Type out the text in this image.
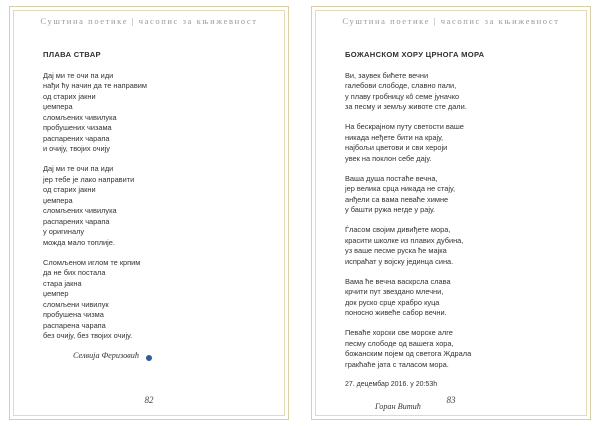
Суштина поетике | часопис за књижевност
ПЛАВА СТВАР
Дај ми те очи па иди
нађи ћу начин да те направим
од старих јакни
џемпера
сломљених чивилука
пробушених чизама
распарених чарапа
и очију, твојих очију
Дај ми те очи па иди
јер тебе је лако направити
од старих јакни
џемпера
сломљених чивилука
распарених чарапа
у оригиналу
можда мало топлије.
Сломљеном иглом те крпим
да не бих постала
стара јакна
џемпер
сломљени чивилук
пробушена чизма
распарена чарапа
без очију, без твојих очију.
Селвија Феризовић
82
Суштина поетике | часопис за књижевност
БОЖАНСКОМ ХОРУ ЦРНОГА МОРА
Ви, заувек бићете вечни
галебови слободе, славно пали,
у плаву гробницу кô семе јуначко
за песму и земљу животе сте дали.
На бескрајном путу светости ваше
никада неђете бити на крају,
најбољи цветови и сви хероји
увек на поклон себе дају.
Ваша душа постаће вечна,
јер велика срца никада не стају,
анђели са вама певаће химне
у башти ружа негде у рају.
Ѓласом својим дивиђете мора,
красити школке из плавих дубина,
уз ваше песме руска ће мајка
испраћат у војску јединца сина.
Вама ће вечна васкрсла слава
крчити пут звездано млечни,
док руско срце храбро куца
поносно живеће сабор вечни.
Певаће хорски све морске алге
песму слободе од вашега хора,
божанским појем од светога Ждрала
гракћаће јата с таласом мора.
27. децембар 2016. у 20:53h
Горан Витић
83
